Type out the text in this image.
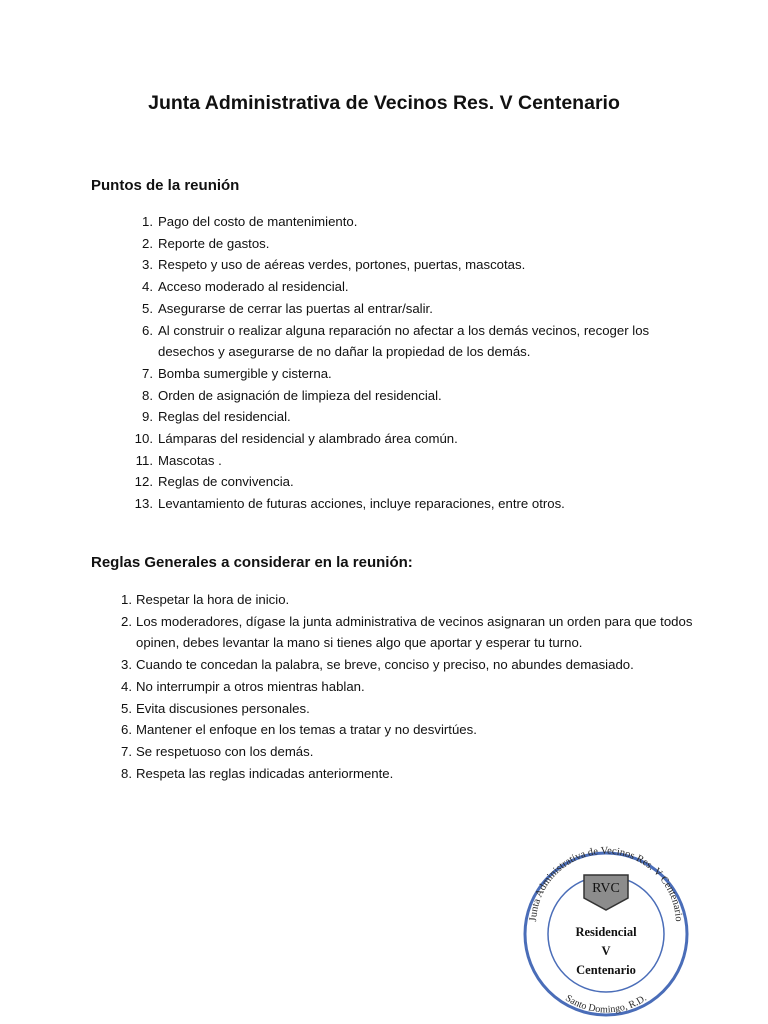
Junta Administrativa de Vecinos Res. V Centenario
Puntos de la reunión
1. Pago del costo de mantenimiento.
2. Reporte de gastos.
3. Respeto y uso de aéreas verdes, portones, puertas, mascotas.
4. Acceso moderado al residencial.
5. Asegurarse de cerrar las puertas al entrar/salir.
6. Al construir o realizar alguna reparación no afectar a los demás vecinos, recoger los desechos y asegurarse de no dañar la propiedad de los demás.
7. Bomba sumergible y cisterna.
8. Orden de asignación de limpieza del residencial.
9. Reglas del residencial.
10. Lámparas del residencial y alambrado área común.
11. Mascotas .
12. Reglas de convivencia.
13. Levantamiento de futuras acciones, incluye reparaciones, entre otros.
Reglas Generales a considerar en la reunión:
1. Respetar la hora de inicio.
2. Los moderadores, dígase la junta administrativa de vecinos asignaran un orden para que todos opinen, debes levantar la mano si tienes algo que aportar y esperar tu turno.
3. Cuando te concedan la palabra, se breve, conciso y preciso, no abundes demasiado.
4. No interrumpir a otros mientras hablan.
5. Evita discusiones personales.
6. Mantener el enfoque en los temas a tratar y no desvirtúes.
7. Se respetuoso con los demás.
8. Respeta las reglas indicadas anteriormente.
Junta Administrativa de Vecinos Res. V Centenario
Santo Domingo, R.D.
RVC
Residencial
V
Centenario
